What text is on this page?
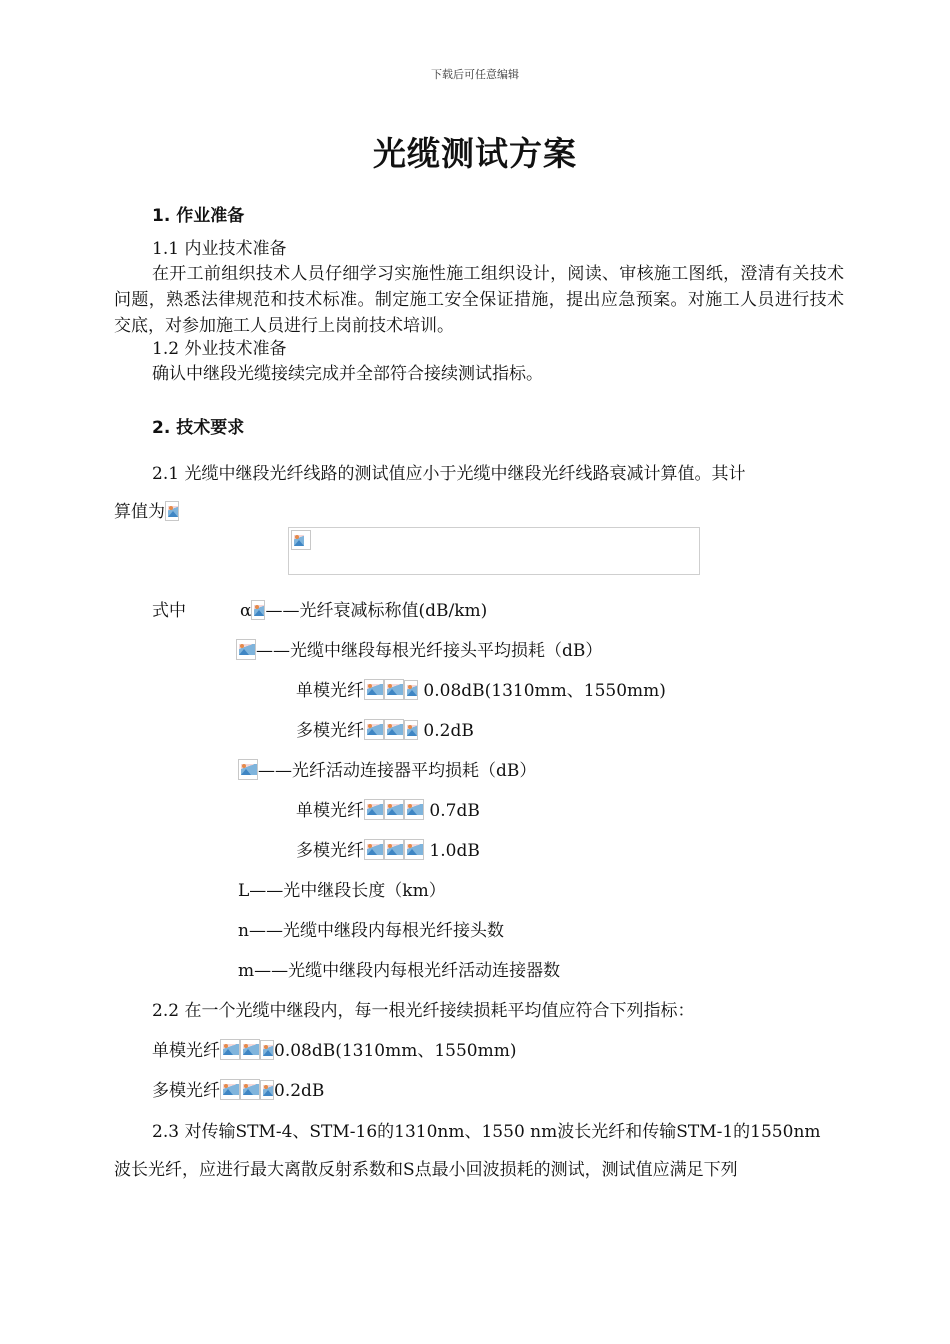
下载后可任意编辑
光缆测试方案
1. 作业准备
1.1 内业技术准备
在开工前组织技术人员仔细学习实施性施工组织设计，阅读、审核施工图纸，澄清有关技术问题，熟悉法律规范和技术标准。制定施工安全保证措施，提出应急预案。对施工人员进行技术交底，对参加施工人员进行上岗前技术培训。
1.2 外业技术准备
确认中继段光缆接续完成并全部符合接续测试指标。
2. 技术要求
2.1 光缆中继段光纤线路的测试值应小于光缆中继段光纤线路衰减计算值。其计
算值为
式中	α ——光纤衰减标称值(dB/km)
——光缆中继段每根光纤接头平均损耗（dB）
单模光纤	0.08dB(1310mm、1550mm)
多模光纤	0.2dB
——光纤活动连接器平均损耗（dB）
单模光纤	0.7dB
多模光纤	1.0dB
L——光中继段长度（km）
n——光缆中继段内每根光纤接头数
m——光缆中继段内每根光纤活动连接器数
2.2 在一个光缆中继段内，每一根光纤接续损耗平均值应符合下列指标：
单模光纤	0.08dB(1310mm、1550mm)
多模光纤	0.2dB
2.3 对传输STM-4、STM-16的1310nm、1550 nm波长光纤和传输STM-1的1550nm
波长光纤，应进行最大离散反射系数和S点最小回波损耗的测试，测试值应满足下列
